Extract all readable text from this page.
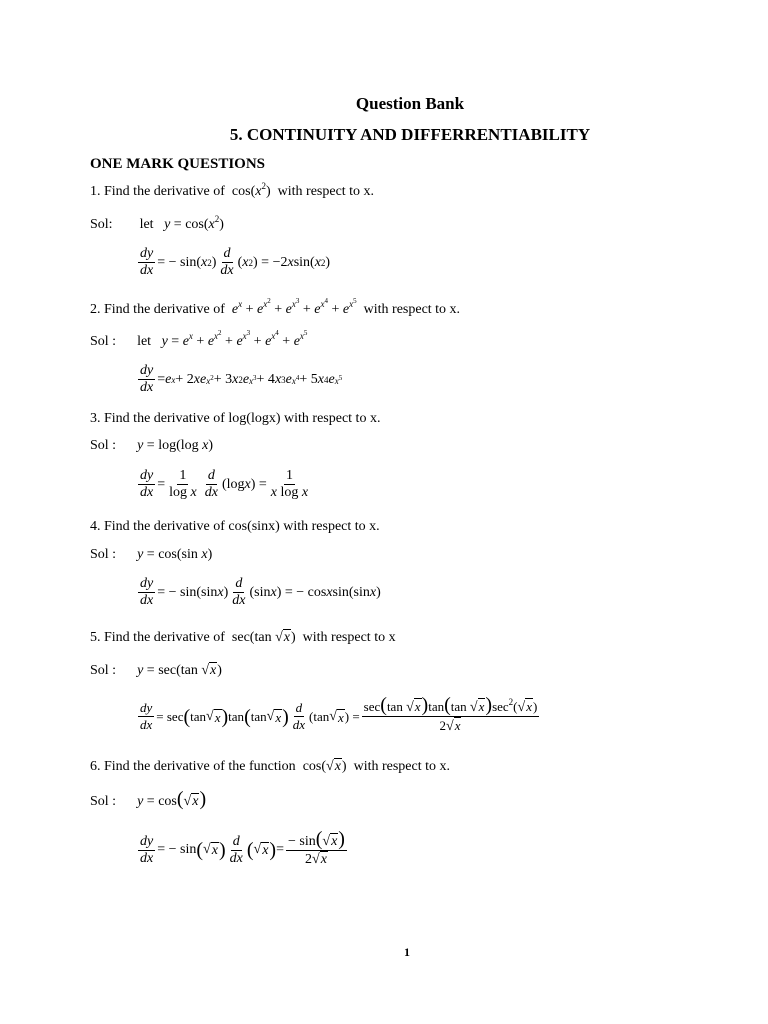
Question Bank
5. CONTINUITY AND DIFFERRENTIABILITY
ONE MARK QUESTIONS
1. Find the derivative of  $\cos(x^2)$  with respect to x.
Sol: let $y = \cos(x^2)$
$\frac{dy}{dx}$ = − sin( x 2 ) $\frac{d}{dx}$ ( x 2 ) = −2 x sin( x 2 )
2. Find the derivative of $e^x + e^{x^2} + e^{x^3} + e^{x^4} + e^{x^5}$  with respect to x.
Sol : let $y = e^x + e^{x^2} + e^{x^3} + e^{x^4} + e^{x^5}$
$\frac{dy}{dx} = e$ x + 2 xe $x^2 + 3$ x 2 e $x^3 + 4$ x 3 e $x^4 + 5$ x 4 e $x^5$
3. Find the derivative of log(logx) with respect to x.
Sol : y = log(log x)
$\frac{dy}{dx} = \frac{1}{\text{log x}} \frac{d}{dx} (\log$ x ) = $\frac{1}{\text{x log x}}$
4. Find the derivative of cos(sinx) with respect to x.
Sol : y = cos(sin x)
$\frac{dy}{dx}$ = − sin(sin x ) $\frac{d}{dx} (\sin$ x ) = − cos x sin(sin x )
5. Find the derivative of  sec(tan √x)  with respect to x
Sol : y = sec(tan √x)
$\frac{dy}{dx} = \sec$ ( tan √ x ) tan ( tan √ x ) $\frac{d}{dx} (\tan$ √ x ) = $\frac{\sec(\tan √x)\tan(\tan √x)\sec^2(√x)}{2√x}$
6. Find the derivative of the function  cos(√x)  with respect to x.
Sol : y = cos(√x)
$\frac{dy}{dx}$ = − sin ( √ x ) $\frac{d}{dx}$ ( √ x ) = $\frac{- \sin(√x)}{2√x}$
1
